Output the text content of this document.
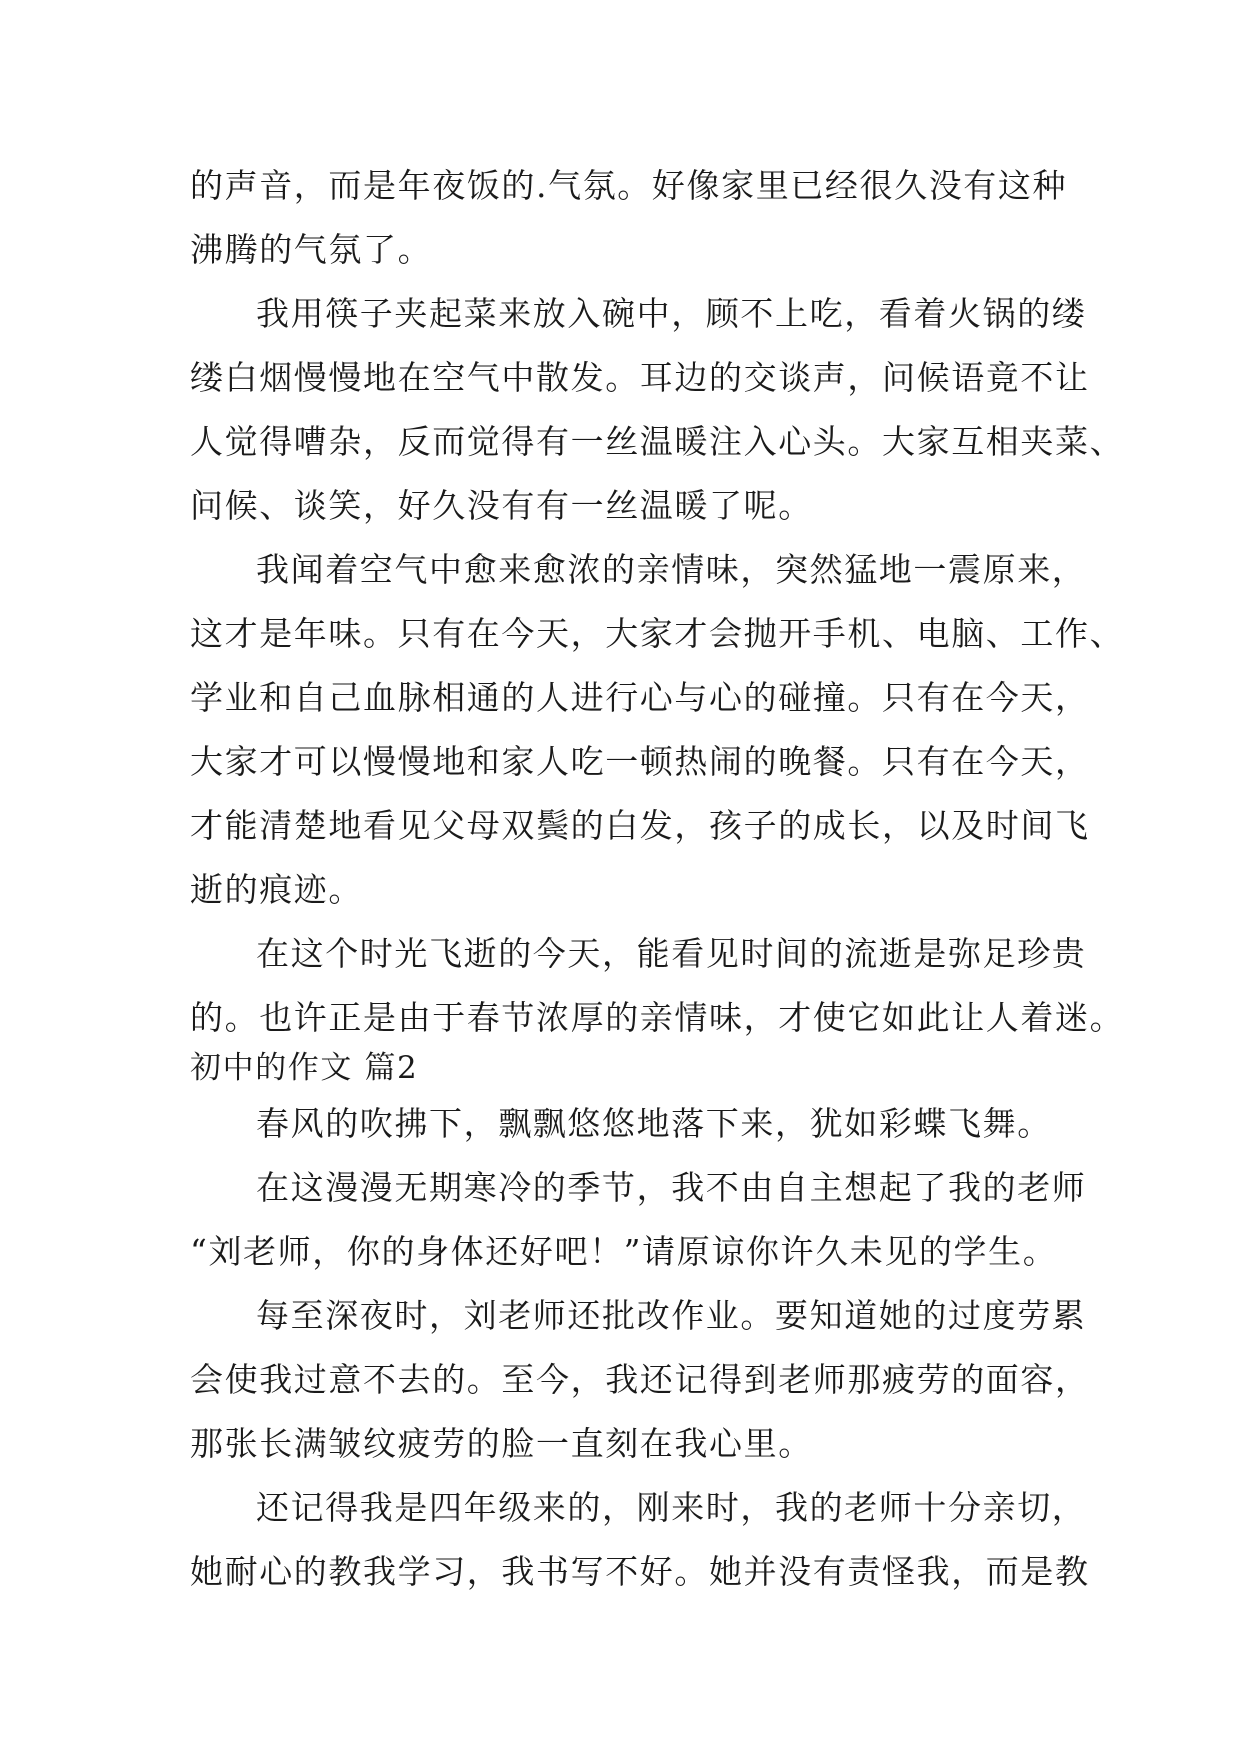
的声音，而是年夜饭的.气氛。好像家里已经很久没有这种
沸腾的气氛了。
我用筷子夹起菜来放入碗中，顾不上吃，看着火锅的缕
缕白烟慢慢地在空气中散发。耳边的交谈声，问候语竟不让
人觉得嘈杂，反而觉得有一丝温暖注入心头。大家互相夹菜、
问候、谈笑，好久没有有一丝温暖了呢。
我闻着空气中愈来愈浓的亲情味，突然猛地一震原来，
这才是年味。只有在今天，大家才会抛开手机、电脑、工作、
学业和自己血脉相通的人进行心与心的碰撞。只有在今天，
大家才可以慢慢地和家人吃一顿热闹的晚餐。只有在今天，
才能清楚地看见父母双鬓的白发，孩子的成长，以及时间飞
逝的痕迹。
在这个时光飞逝的今天，能看见时间的流逝是弥足珍贵
的。也许正是由于春节浓厚的亲情味，才使它如此让人着迷。
初中的作文 篇2
春风的吹拂下，飘飘悠悠地落下来，犹如彩蝶飞舞。
在这漫漫无期寒冷的季节，我不由自主想起了我的老师
“刘老师，你的身体还好吧！”请原谅你许久未见的学生。
每至深夜时，刘老师还批改作业。要知道她的过度劳累
会使我过意不去的。至今，我还记得到老师那疲劳的面容，
那张长满皱纹疲劳的脸一直刻在我心里。
还记得我是四年级来的，刚来时，我的老师十分亲切，
她耐心的教我学习，我书写不好。她并没有责怪我，而是教
